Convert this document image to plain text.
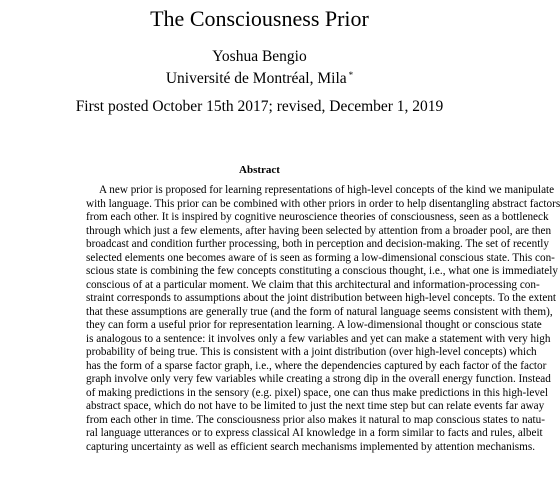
The Consciousness Prior
Yoshua Bengio
Université de Montréal, Mila *
First posted October 15th 2017; revised, December 1, 2019
Abstract
A new prior is proposed for learning representations of high-level concepts of the kind we manipulate
with language. This prior can be combined with other priors in order to help disentangling abstract factors
from each other. It is inspired by cognitive neuroscience theories of consciousness, seen as a bottleneck
through which just a few elements, after having been selected by attention from a broader pool, are then
broadcast and condition further processing, both in perception and decision-making. The set of recently
selected elements one becomes aware of is seen as forming a low-dimensional conscious state. This con-
scious state is combining the few concepts constituting a conscious thought, i.e., what one is immediately
conscious of at a particular moment. We claim that this architectural and information-processing con-
straint corresponds to assumptions about the joint distribution between high-level concepts. To the extent
that these assumptions are generally true (and the form of natural language seems consistent with them),
they can form a useful prior for representation learning. A low-dimensional thought or conscious state
is analogous to a sentence: it involves only a few variables and yet can make a statement with very high
probability of being true. This is consistent with a joint distribution (over high-level concepts) which
has the form of a sparse factor graph, i.e., where the dependencies captured by each factor of the factor
graph involve only very few variables while creating a strong dip in the overall energy function. Instead
of making predictions in the sensory (e.g. pixel) space, one can thus make predictions in this high-level
abstract space, which do not have to be limited to just the next time step but can relate events far away
from each other in time. The consciousness prior also makes it natural to map conscious states to natu-
ral language utterances or to express classical AI knowledge in a form similar to facts and rules, albeit
capturing uncertainty as well as efficient search mechanisms implemented by attention mechanisms.
